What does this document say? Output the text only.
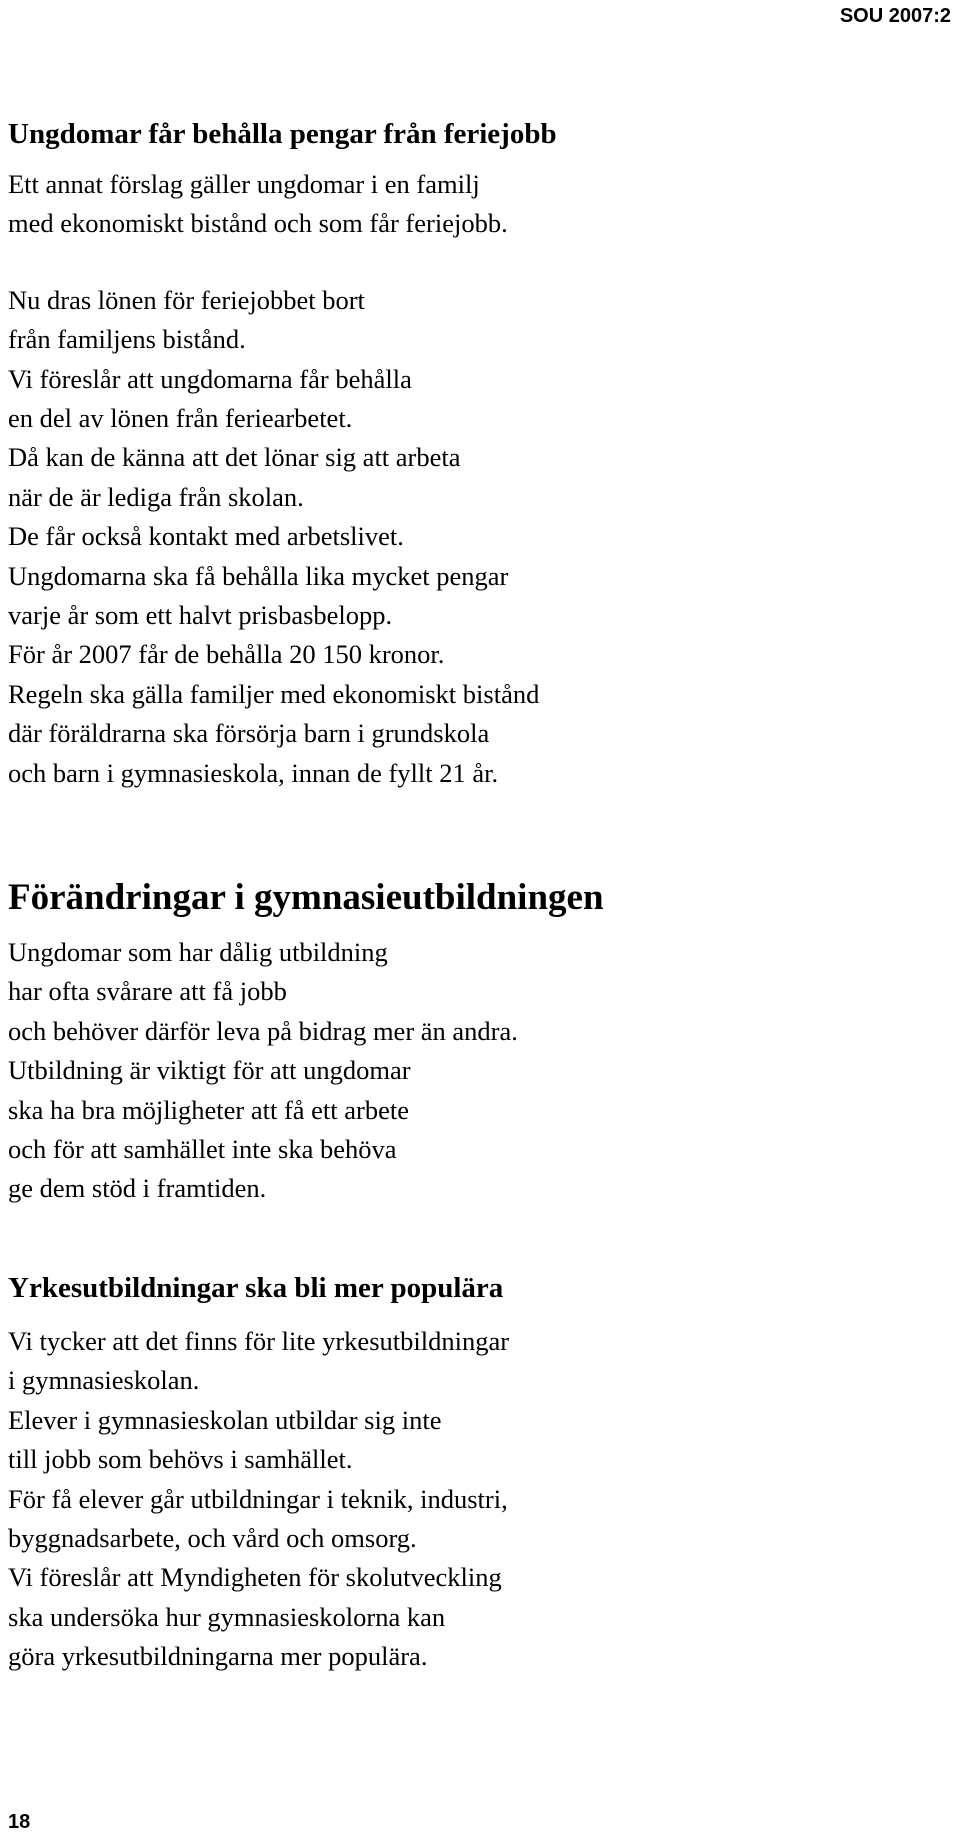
SOU 2007:2
Ungdomar får behålla pengar från feriejobb

Ett annat förslag gäller ungdomar i en familj

med ekonomiskt bistånd och som får feriejobb.

Nu dras lönen för feriejobbet bort

från familjens bistånd.

Vi föreslår att ungdomarna får behålla

en del av lönen från feriearbetet.

Då kan de känna att det lönar sig att arbeta

när de är lediga från skolan.

De får också kontakt med arbetslivet.

Ungdomarna ska få behålla lika mycket pengar

varje år som ett halvt prisbasbelopp.

För år 2007 får de behålla 20 150 kronor.

Regeln ska gälla familjer med ekonomiskt bistånd

där föräldrarna ska försörja barn i grundskola

och barn i gymnasieskola, innan de fyllt 21 år.

Förändringar i gymnasieutbildningen

Ungdomar som har dålig utbildning

har ofta svårare att få jobb

och behöver därför leva på bidrag mer än andra.

Utbildning är viktigt för att ungdomar

ska ha bra möjligheter att få ett arbete

och för att samhället inte ska behöva

ge dem stöd i framtiden.

Yrkesutbildningar ska bli mer populära

Vi tycker att det finns för lite yrkesutbildningar

i gymnasieskolan.

Elever i gymnasieskolan utbildar sig inte

till jobb som behövs i samhället.

För få elever går utbildningar i teknik, industri,

byggnadsarbete, och vård och omsorg.

Vi föreslår att Myndigheten för skolutveckling

ska undersöka hur gymnasieskolorna kan

göra yrkesutbildningarna mer populära.

18
